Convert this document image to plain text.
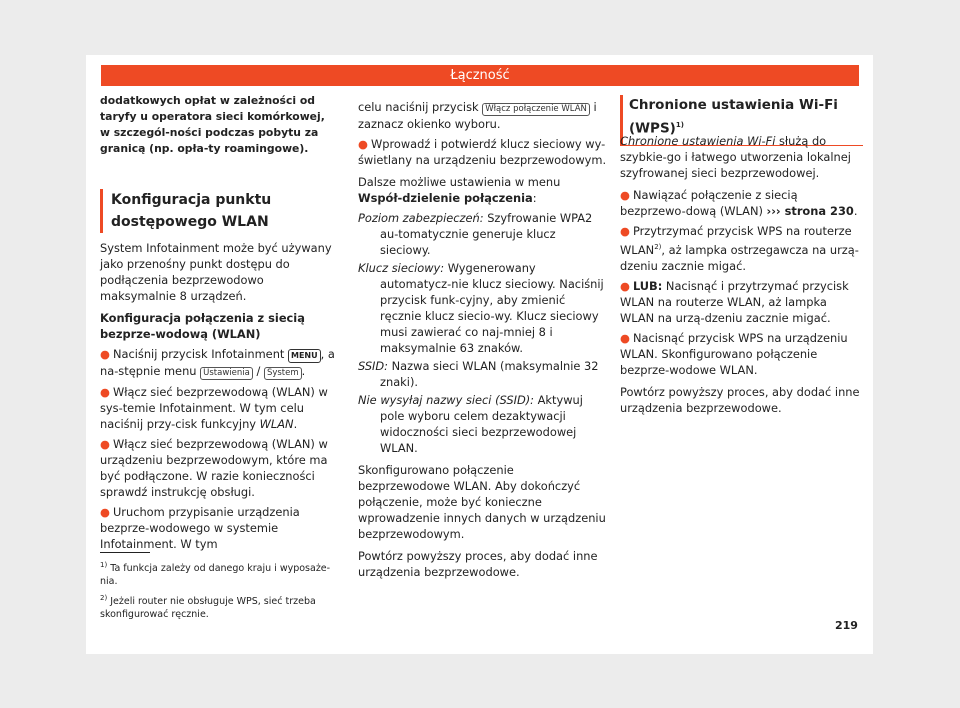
Łączność
dodatkowych opłat w zależności od taryfy u operatora sieci komórkowej, w szczegól-ności podczas pobytu za granicą (np. opła-ty roamingowe).
Konfiguracja punktu dostępowego WLAN

System Infotainment może być używany jako przenośny punkt dostępu do podłączenia bezprzewodowo maksymalnie 8 urządzeń.

Konfiguracja połączenia z siecią bezprze-wodową (WLAN)

● Naciśnij przycisk Infotainment MENU , a na-stępnie menu Ustawienia / System .

● Włącz sieć bezprzewodową (WLAN) w sys-temie Infotainment. W tym celu naciśnij przy-cisk funkcyjny WLAN.

● Włącz sieć bezprzewodową (WLAN) w urządzeniu bezprzewodowym, które ma być podłączone. W razie konieczności sprawdź instrukcję obsługi.

● Uruchom przypisanie urządzenia bezprze-wodowego w systemie Infotainment. W tym

celu naciśnij przycisk Włącz połączenie WLAN i zaznacz okienko wyboru.

● Wprowadź i potwierdź klucz sieciowy wy-świetlany na urządzeniu bezprzewodowym.

Dalsze możliwe ustawienia w menu Współ-dzielenie połączenia:

Poziom zabezpieczeń: Szyfrowanie WPA2 au-tomatycznie generuje klucz sieciowy.
Klucz sieciowy: Wygenerowany automatycz-nie klucz sieciowy. Naciśnij przycisk funk-cyjny, aby zmienić ręcznie klucz siecio-wy. Klucz sieciowy musi zawierać co naj-mniej 8 i maksymalnie 63 znaków.
SSID: Nazwa sieci WLAN (maksymalnie 32 znaki).
Nie wysyłaj nazwy sieci (SSID): Aktywuj pole wyboru celem dezaktywacji widoczności sieci bezprzewodowej WLAN.

Skonfigurowano połączenie bezprzewodowe WLAN. Aby dokończyć połączenie, może być konieczne wprowadzenie innych danych w urządzeniu bezprzewodowym.

Powtórz powyższy proces, aby dodać inne urządzenia bezprzewodowe.

Chronione ustawienia Wi-Fi (WPS)$^{1)}$

Chronione ustawienia Wi-Fi służą do szybkie-go i łatwego utworzenia lokalnej szyfrowanej sieci bezprzewodowej.

● Nawiązać połączenie z siecią bezprzewo-dową (WLAN) ››› strona 230.

● Przytrzymać przycisk WPS na routerze WLAN$^{2)}$, aż lampka ostrzegawcza na urzą-dzeniu zacznie migać.

● LUB: Nacisnąć i przytrzymać przycisk WLAN na routerze WLAN, aż lampka WLAN na urzą-dzeniu zacznie migać.

● Nacisnąć przycisk WPS na urządzeniu WLAN. Skonfigurowano połączenie bezprze-wodowe WLAN.

Powtórz powyższy proces, aby dodać inne urządzenia bezprzewodowe.

$^{1)}$ Ta funkcja zależy od danego kraju i wyposaże-nia.

$^{2)}$ Jeżeli router nie obsługuje WPS, sieć trzeba skonfigurować ręcznie.

219
